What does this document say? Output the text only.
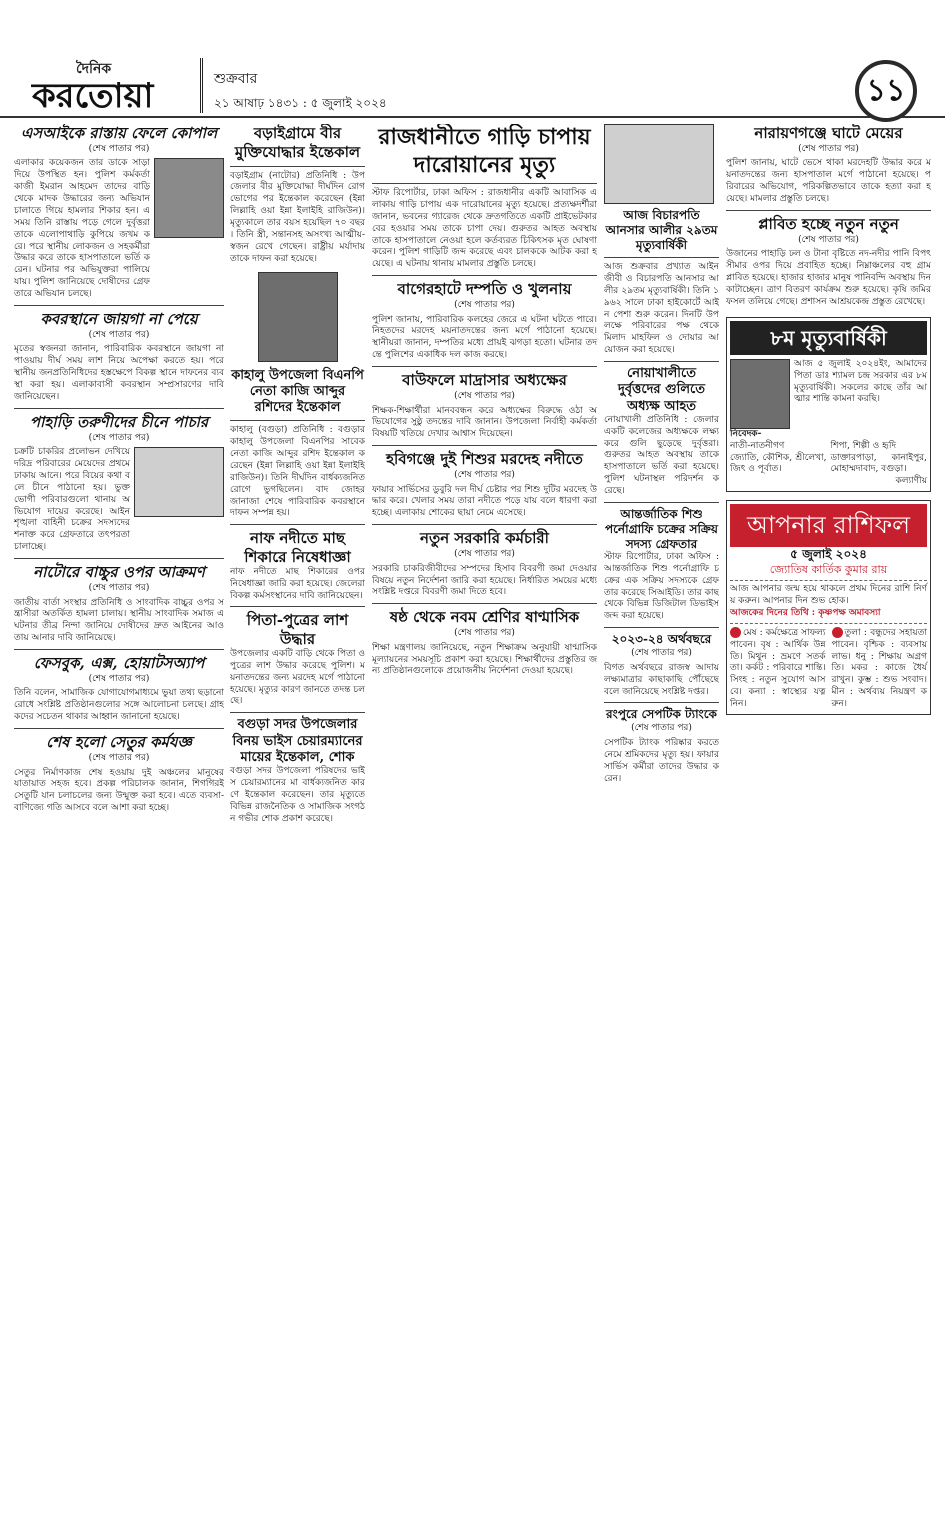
দৈনিক
করতোয়া	শুক্রবার
২১ আষাঢ় ১৪৩১ : ৫ জুলাই ২০২৪	১১
এসআইকে রাস্তায় ফেলে কোপাল
(শেষ পাতার পর)
এলাকার কয়েকজন তার ডাকে সাড়া দিয়ে উপস্থিত হন। পুলিশ কর্মকর্তা কাজী ইমরান আহমেদ তাদের বাড়ি থেকে মাদক উদ্ধারের জন্য অভিযান চালাতে গিয়ে হামলার শিকার হন। এ সময় তিনি রাস্তায় পড়ে গেলে দুর্বৃত্তরা তাকে এলোপাথাড়ি কুপিয়ে জখম করে। পরে স্থানীয় লোকজন ও সহকর্মীরা উদ্ধার করে তাকে হাসপাতালে ভর্তি করেন। ঘটনার পর অভিযুক্তরা পালিয়ে যায়। পুলিশ জানিয়েছে দোষীদের গ্রেফতারে অভিযান চলছে।
কবরস্থানে জায়গা না পেয়ে
(শেষ পাতার পর)
মৃতের স্বজনরা জানান, পারিবারিক কবরস্থানে জায়গা না পাওয়ায় দীর্ঘ সময় লাশ নিয়ে অপেক্ষা করতে হয়। পরে স্থানীয় জনপ্রতিনিধিদের হস্তক্ষেপে বিকল্প স্থানে দাফনের ব্যবস্থা করা হয়। এলাকাবাসী কবরস্থান সম্প্রসারণের দাবি জানিয়েছেন।
পাহাড়ি তরুণীদের চীনে পাচার
(শেষ পাতার পর)
চক্রটি চাকরির প্রলোভন দেখিয়ে দরিদ্র পরিবারের মেয়েদের প্রথমে ঢাকায় আনে। পরে বিয়ের কথা বলে চীনে পাঠানো হয়। ভুক্তভোগী পরিবারগুলো থানায় অভিযোগ দায়ের করেছে। আইনশৃঙ্খলা বাহিনী চক্রের সদস্যদের শনাক্ত করে গ্রেফতারে তৎপরতা চালাচ্ছে।
নাটোরে বাচ্চুর ওপর আক্রমণ
(শেষ পাতার পর)
জাতীয় বার্তা সংস্থার প্রতিনিধি ও সাংবাদিক বাচ্চুর ওপর সন্ত্রাসীরা অতর্কিত হামলা চালায়। স্থানীয় সাংবাদিক সমাজ এ ঘটনার তীব্র নিন্দা জানিয়ে দোষীদের দ্রুত আইনের আওতায় আনার দাবি জানিয়েছে।
ফেসবুক, এক্স, হোয়াটসঅ্যাপ
(শেষ পাতার পর)
তিনি বলেন, সামাজিক যোগাযোগমাধ্যমে ভুয়া তথ্য ছড়ানো রোধে সংশ্লিষ্ট প্রতিষ্ঠানগুলোর সঙ্গে আলোচনা চলছে। গ্রাহকদের সচেতন থাকার আহ্বান জানানো হয়েছে।
শেষ হলো সেতুর কর্মযজ্ঞ
(শেষ পাতার পর)
সেতুর নির্মাণকাজ শেষ হওয়ায় দুই অঞ্চলের মানুষের যাতায়াত সহজ হবে। প্রকল্প পরিচালক জানান, শিগগিরই সেতুটি যান চলাচলের জন্য উন্মুক্ত করা হবে। এতে ব্যবসা-বাণিজ্যে গতি আসবে বলে আশা করা হচ্ছে।
বড়াইগ্রামে বীর মুক্তিযোদ্ধার ইন্তেকাল
বড়াইগ্রাম (নাটোর) প্রতিনিধি : উপজেলার বীর মুক্তিযোদ্ধা দীর্ঘদিন রোগভোগের পর ইন্তেকাল করেছেন (ইন্না লিল্লাহি ওয়া ইন্না ইলাইহি রাজিউন)। মৃত্যুকালে তার বয়স হয়েছিল ৭০ বছর। তিনি স্ত্রী, সন্তানসহ অসংখ্য আত্মীয়-স্বজন রেখে গেছেন। রাষ্ট্রীয় মর্যাদায় তাকে দাফন করা হয়েছে।
কাহালু উপজেলা বিএনপি নেতা কাজি আব্দুর রশিদের ইন্তেকাল
কাহালু (বগুড়া) প্রতিনিধি : বগুড়ার কাহালু উপজেলা বিএনপির সাবেক নেতা কাজি আব্দুর রশিদ ইন্তেকাল করেছেন (ইন্না লিল্লাহি ওয়া ইন্না ইলাইহি রাজিউন)। তিনি দীর্ঘদিন বার্ধক্যজনিত রোগে ভুগছিলেন। বাদ জোহর জানাজা শেষে পারিবারিক কবরস্থানে দাফন সম্পন্ন হয়।
নাফ নদীতে মাছ শিকারে নিষেধাজ্ঞা
নাফ নদীতে মাছ শিকারের ওপর নিষেধাজ্ঞা জারি করা হয়েছে। জেলেরা বিকল্প কর্মসংস্থানের দাবি জানিয়েছেন।
পিতা-পুত্রের লাশ উদ্ধার
উপজেলার একটি বাড়ি থেকে পিতা ও পুত্রের লাশ উদ্ধার করেছে পুলিশ। ময়নাতদন্তের জন্য মরদেহ মর্গে পাঠানো হয়েছে। মৃত্যুর কারণ জানতে তদন্ত চলছে।
বগুড়া সদর উপজেলার বিনয় ভাইস চেয়ারম্যানের মায়ের ইন্তেকাল, শোক
বগুড়া সদর উপজেলা পরিষদের ভাইস চেয়ারম্যানের মা বার্ধক্যজনিত কারণে ইন্তেকাল করেছেন। তার মৃত্যুতে বিভিন্ন রাজনৈতিক ও সামাজিক সংগঠন গভীর শোক প্রকাশ করেছে।
রাজধানীতে গাড়ি চাপায়
দারোয়ানের মৃত্যু
স্টাফ রিপোর্টার, ঢাকা অফিস : রাজধানীর একটি আবাসিক এলাকায় গাড়ি চাপায় এক দারোয়ানের মৃত্যু হয়েছে। প্রত্যক্ষদর্শীরা জানান, ভবনের গ্যারেজ থেকে দ্রুতগতিতে একটি প্রাইভেটকার বের হওয়ার সময় তাকে চাপা দেয়। গুরুতর আহত অবস্থায় তাকে হাসপাতালে নেওয়া হলে কর্তব্যরত চিকিৎসক মৃত ঘোষণা করেন। পুলিশ গাড়িটি জব্দ করেছে এবং চালককে আটক করা হয়েছে। এ ঘটনায় থানায় মামলার প্রস্তুতি চলছে।
বাগেরহাটে দম্পতি ও খুলনায়
(শেষ পাতার পর)
পুলিশ জানায়, পারিবারিক কলহের জেরে এ ঘটনা ঘটতে পারে। নিহতদের মরদেহ ময়নাতদন্তের জন্য মর্গে পাঠানো হয়েছে। স্থানীয়রা জানান, দম্পতির মধ্যে প্রায়ই ঝগড়া হতো। ঘটনার তদন্তে পুলিশের একাধিক দল কাজ করছে।
বাউফলে মাদ্রাসার অধ্যক্ষের
(শেষ পাতার পর)
শিক্ষক-শিক্ষার্থীরা মানববন্ধন করে অধ্যক্ষের বিরুদ্ধে ওঠা অভিযোগের সুষ্ঠু তদন্তের দাবি জানান। উপজেলা নির্বাহী কর্মকর্তা বিষয়টি খতিয়ে দেখার আশ্বাস দিয়েছেন।
হবিগঞ্জে দুই শিশুর মরদেহ নদীতে
(শেষ পাতার পর)
ফায়ার সার্ভিসের ডুবুরি দল দীর্ঘ চেষ্টার পর শিশু দুটির মরদেহ উদ্ধার করে। খেলার সময় তারা নদীতে পড়ে যায় বলে ধারণা করা হচ্ছে। এলাকায় শোকের ছায়া নেমে এসেছে।
নতুন সরকারি কর্মচারী
(শেষ পাতার পর)
সরকারি চাকরিজীবীদের সম্পদের হিসাব বিবরণী জমা দেওয়ার বিষয়ে নতুন নির্দেশনা জারি করা হয়েছে। নির্ধারিত সময়ের মধ্যে সংশ্লিষ্ট দপ্তরে বিবরণী জমা দিতে হবে।
ষষ্ঠ থেকে নবম শ্রেণির ষাণ্মাসিক
(শেষ পাতার পর)
শিক্ষা মন্ত্রণালয় জানিয়েছে, নতুন শিক্ষাক্রম অনুযায়ী ষাণ্মাসিক মূল্যায়নের সময়সূচি প্রকাশ করা হয়েছে। শিক্ষার্থীদের প্রস্তুতির জন্য প্রতিষ্ঠানগুলোকে প্রয়োজনীয় নির্দেশনা দেওয়া হয়েছে।
আজ বিচারপতি আনসার আলীর ২৯তম মৃত্যুবার্ষিকী
আজ শুক্রবার প্রখ্যাত আইনজীবী ও বিচারপতি আনসার আলীর ২৯তম মৃত্যুবার্ষিকী। তিনি ১৯৬২ সালে ঢাকা হাইকোর্টে আইন পেশা শুরু করেন। দিনটি উপলক্ষে পরিবারের পক্ষ থেকে মিলাদ মাহফিল ও দোয়ার আয়োজন করা হয়েছে।
নোয়াখালীতে দুর্বৃত্তদের গুলিতে অধ্যক্ষ আহত
নোয়াখালী প্রতিনিধি : জেলার একটি কলেজের অধ্যক্ষকে লক্ষ্য করে গুলি ছুড়েছে দুর্বৃত্তরা। গুরুতর আহত অবস্থায় তাকে হাসপাতালে ভর্তি করা হয়েছে। পুলিশ ঘটনাস্থল পরিদর্শন করেছে।
আন্তর্জাতিক শিশু পর্নোগ্রাফি চক্রের সক্রিয় সদস্য গ্রেফতার
স্টাফ রিপোর্টার, ঢাকা অফিস : আন্তর্জাতিক শিশু পর্নোগ্রাফি চক্রের এক সক্রিয় সদস্যকে গ্রেফতার করেছে সিআইডি। তার কাছ থেকে বিভিন্ন ডিজিটাল ডিভাইস জব্দ করা হয়েছে।
২০২৩-২৪ অর্থবছরে
(শেষ পাতার পর)
বিগত অর্থবছরে রাজস্ব আদায় লক্ষ্যমাত্রার কাছাকাছি পৌঁছেছে বলে জানিয়েছে সংশ্লিষ্ট দপ্তর।
রংপুরে সেপটিক ট্যাংকে
(শেষ পাতার পর)
সেপটিক ট্যাংক পরিষ্কার করতে নেমে শ্রমিকদের মৃত্যু হয়। ফায়ার সার্ভিস কর্মীরা তাদের উদ্ধার করেন।
নারায়ণগঞ্জে ঘাটে মেয়ের
(শেষ পাতার পর)
পুলিশ জানায়, ঘাটে ভেসে থাকা মরদেহটি উদ্ধার করে ময়নাতদন্তের জন্য হাসপাতাল মর্গে পাঠানো হয়েছে। পরিবারের অভিযোগ, পরিকল্পিতভাবে তাকে হত্যা করা হয়েছে। মামলার প্রস্তুতি চলছে।
প্লাবিত হচ্ছে নতুন নতুন
(শেষ পাতার পর)
উজানের পাহাড়ি ঢল ও টানা বৃষ্টিতে নদ-নদীর পানি বিপৎসীমার ওপর দিয়ে প্রবাহিত হচ্ছে। নিম্নাঞ্চলের বহু গ্রাম প্লাবিত হয়েছে। হাজার হাজার মানুষ পানিবন্দি অবস্থায় দিন কাটাচ্ছেন। ত্রাণ বিতরণ কার্যক্রম শুরু হয়েছে। কৃষি জমির ফসল তলিয়ে গেছে। প্রশাসন আশ্রয়কেন্দ্র প্রস্তুত রেখেছে।
৮ম মৃত্যুবার্ষিকী
আজ ৫ জুলাই ২০২৪ইং, আমাদের পিতা ডাঃ শ্যামল চন্দ্র সরকার এর ৮ম মৃত্যুবার্ষিকী। সকলের কাছে তাঁর আত্মার শান্তি কামনা করছি।
নিবেদক-
নাতী-নাতনীগণ
জ্যোতি, কৌশিক, শ্রীলেখা, জিৎ ও পূর্বাত।
শিপা, শিল্পী ও হৃদি
ডাক্তারপাড়া, কানাইপুর, মোহাম্মদাবাদ, বগুড়া।
কল্যাণীয়
আপনার রাশিফল
৫ জুলাই ২০২৪
জ্যোতিষ কার্তিক কুমার রায়
আজ আপনার জন্ম হয়ে থাকলে প্রথম দিনের রাশি নির্ণয় করুন। আপনার দিন শুভ হোক।
আজকের দিনের তিথি : কৃষ্ণপক্ষ অমাবস্যা
মেষ : কর্মক্ষেত্রে সাফল্য পাবেন। বৃষ : আর্থিক উন্নতি। মিথুন : ভ্রমণে সতর্কতা। কর্কট : পরিবারে শান্তি। সিংহ : নতুন সুযোগ আসবে। কন্যা : স্বাস্থ্যের যত্ন নিন।
তুলা : বন্ধুদের সহায়তা পাবেন। বৃশ্চিক : ব্যবসায় লাভ। ধনু : শিক্ষায় অগ্রগতি। মকর : কাজে ধৈর্য রাখুন। কুম্ভ : শুভ সংবাদ। মীন : অর্থব্যয় নিয়ন্ত্রণ করুন।
